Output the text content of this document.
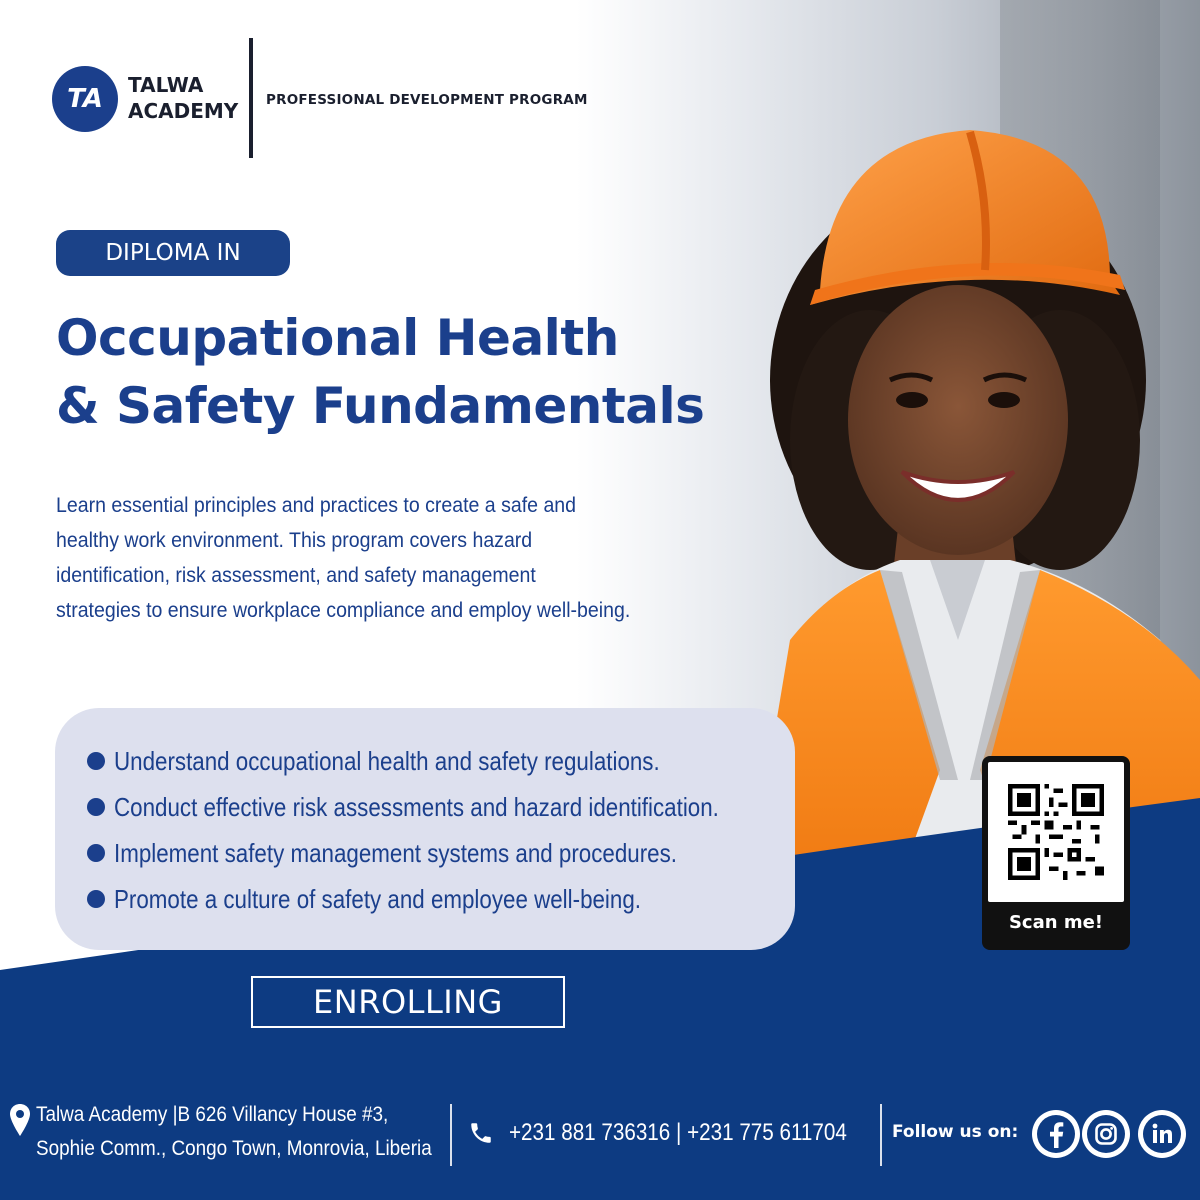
TA	TALWA
ACADEMY PROFESSIONAL DEVELOPMENT PROGRAM
DIPLOMA IN
Occupational Health
& Safety Fundamentals
Learn essential principles and practices to create a safe and
healthy work environment. This program covers hazard
identification, risk assessment, and safety management
strategies to ensure workplace compliance and employ well-being.
Understand occupational health and safety regulations.
Conduct effective risk assessments and hazard identification.
Implement safety management systems and procedures.
Promote a culture of safety and employee well-being.
ENROLLING
Scan me!
Talwa Academy |B 626 Villancy House #3,
Sophie Comm., Congo Town, Monrovia, Liberia
+231 881 736316 | +231 775 611704	Follow us on:
